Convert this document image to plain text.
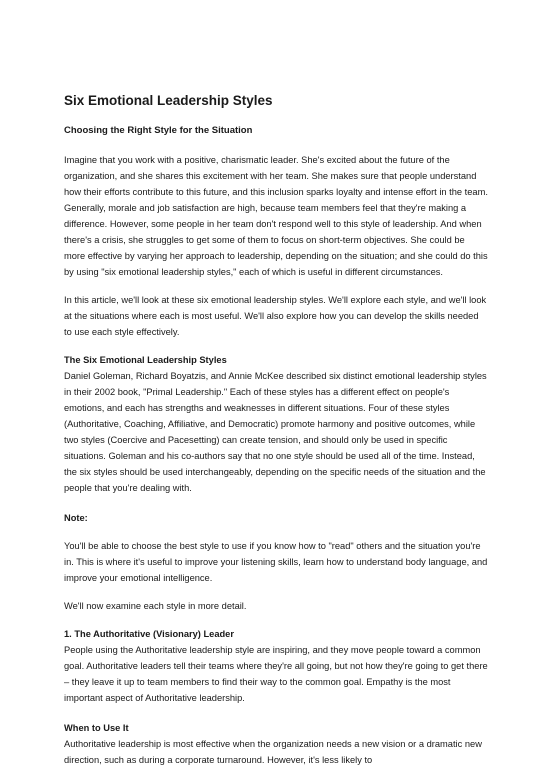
Six Emotional Leadership Styles
Choosing the Right Style for the Situation

Imagine that you work with a positive, charismatic leader. She's excited about the future of the organization, and she shares this excitement with her team. She makes sure that people understand how their efforts contribute to this future, and this inclusion sparks loyalty and intense effort in the team. Generally, morale and job satisfaction are high, because team members feel that they're making a difference. However, some people in her team don't respond well to this style of leadership. And when there's a crisis, she struggles to get some of them to focus on short-term objectives. She could be more effective by varying her approach to leadership, depending on the situation; and she could do this by using "six emotional leadership styles," each of which is useful in different circumstances.

In this article, we'll look at these six emotional leadership styles. We'll explore each style, and we'll look at the situations where each is most useful. We'll also explore how you can develop the skills needed to use each style effectively.

The Six Emotional Leadership Styles

Daniel Goleman, Richard Boyatzis, and Annie McKee described six distinct emotional leadership styles in their 2002 book, "Primal Leadership." Each of these styles has a different effect on people's emotions, and each has strengths and weaknesses in different situations. Four of these styles (Authoritative, Coaching, Affiliative, and Democratic) promote harmony and positive outcomes, while two styles (Coercive and Pacesetting) can create tension, and should only be used in specific situations. Goleman and his co-authors say that no one style should be used all of the time. Instead, the six styles should be used interchangeably, depending on the specific needs of the situation and the people that you're dealing with.

Note:

You'll be able to choose the best style to use if you know how to "read" others and the situation you're in. This is where it's useful to improve your listening skills, learn how to understand body language, and improve your emotional intelligence.

We'll now examine each style in more detail.

1. The Authoritative (Visionary) Leader

People using the Authoritative leadership style are inspiring, and they move people toward a common goal. Authoritative leaders tell their teams where they're all going, but not how they're going to get there – they leave it up to team members to find their way to the common goal. Empathy is the most important aspect of Authoritative leadership.

When to Use It

Authoritative leadership is most effective when the organization needs a new vision or a dramatic new direction, such as during a corporate turnaround. However, it's less likely to
